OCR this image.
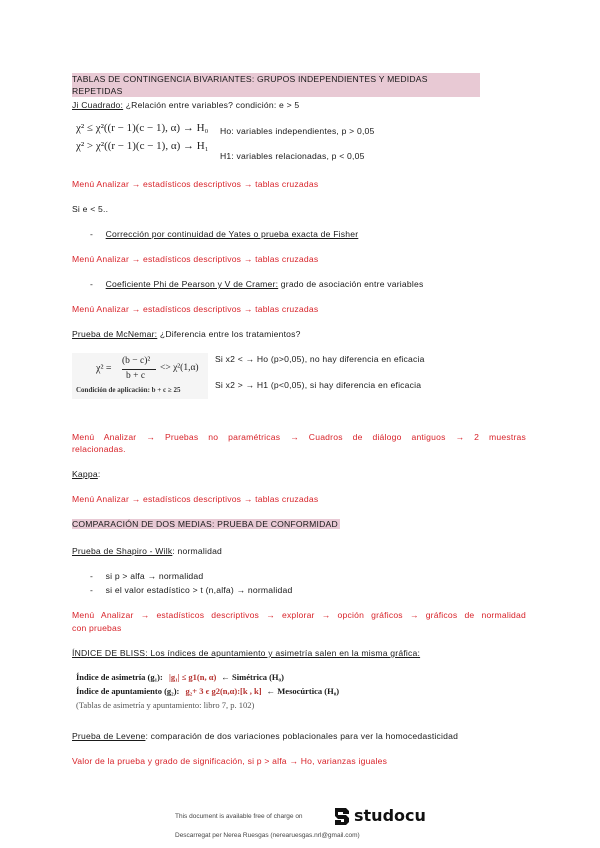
TABLAS DE CONTINGENCIA BIVARIANTES: GRUPOS INDEPENDIENTES Y MEDIDAS
REPETIDAS
Ji Cuadrado: ¿Relación entre variables? condición: e > 5
χ² ≤ χ²((r − 1)(c − 1), α) → H₀
χ² > χ²((r − 1)(c − 1), α) → H₁
Ho: variables independientes, p > 0,05
H1: variables relacionadas, p < 0,05
Menú Analizar → estadísticos descriptivos → tablas cruzadas
Si e < 5..
- Corrección por continuidad de Yates o prueba exacta de Fisher
Menú Analizar → estadísticos descriptivos → tablas cruzadas
- Coeficiente Phi de Pearson y V de Cramer: grado de asociación entre variables
Menú Analizar → estadísticos descriptivos → tablas cruzadas
Prueba de McNemar: ¿Diferencia entre los tratamientos?
χ² =
(b − c)²
b + c
<> χ²(1,α)
Condición de aplicación: b + c ≥ 25
Si x2 < → Ho (p>0,05), no hay diferencia en eficacia
Si x2 > → H1 (p<0,05), si hay diferencia en eficacia
Menú Analizar → Pruebas no paramétricas → Cuadros de diálogo antiguos → 2 muestras
relacionadas.
Kappa:
Menú Analizar → estadísticos descriptivos → tablas cruzadas
COMPARACIÓN DE DOS MEDIAS: PRUEBA DE CONFORMIDAD
Prueba de Shapiro - Wilk: normalidad
- si p > alfa → normalidad
- si el valor estadístico > t (n,alfa) → normalidad
Menú Analizar → estadísticos descriptivos → explorar → opción gráficos → gráficos de normalidad
con pruebas
ÍNDICE DE BLISS: Los índices de apuntamiento y asimetría salen en la misma gráfica:
Índice de asimetría (g₁): |g₁| ≤ g1(n, α) ← Simétrica (H₀)
Índice de apuntamiento (g₂): g₂+ 3 є g2(n,α):[k , k] ← Mesocúrtica (H₀)
(Tablas de asimetría y apuntamiento: libro 7, p. 102)
Prueba de Levene: comparación de dos variaciones poblacionales para ver la homocedasticidad
Valor de la prueba y grado de significación, si p > alfa → Ho, varianzas iguales
This document is available free of charge on	studocu
Descarregat per Nerea Ruesgas (nerearuesgas.nrl@gmail.com)
